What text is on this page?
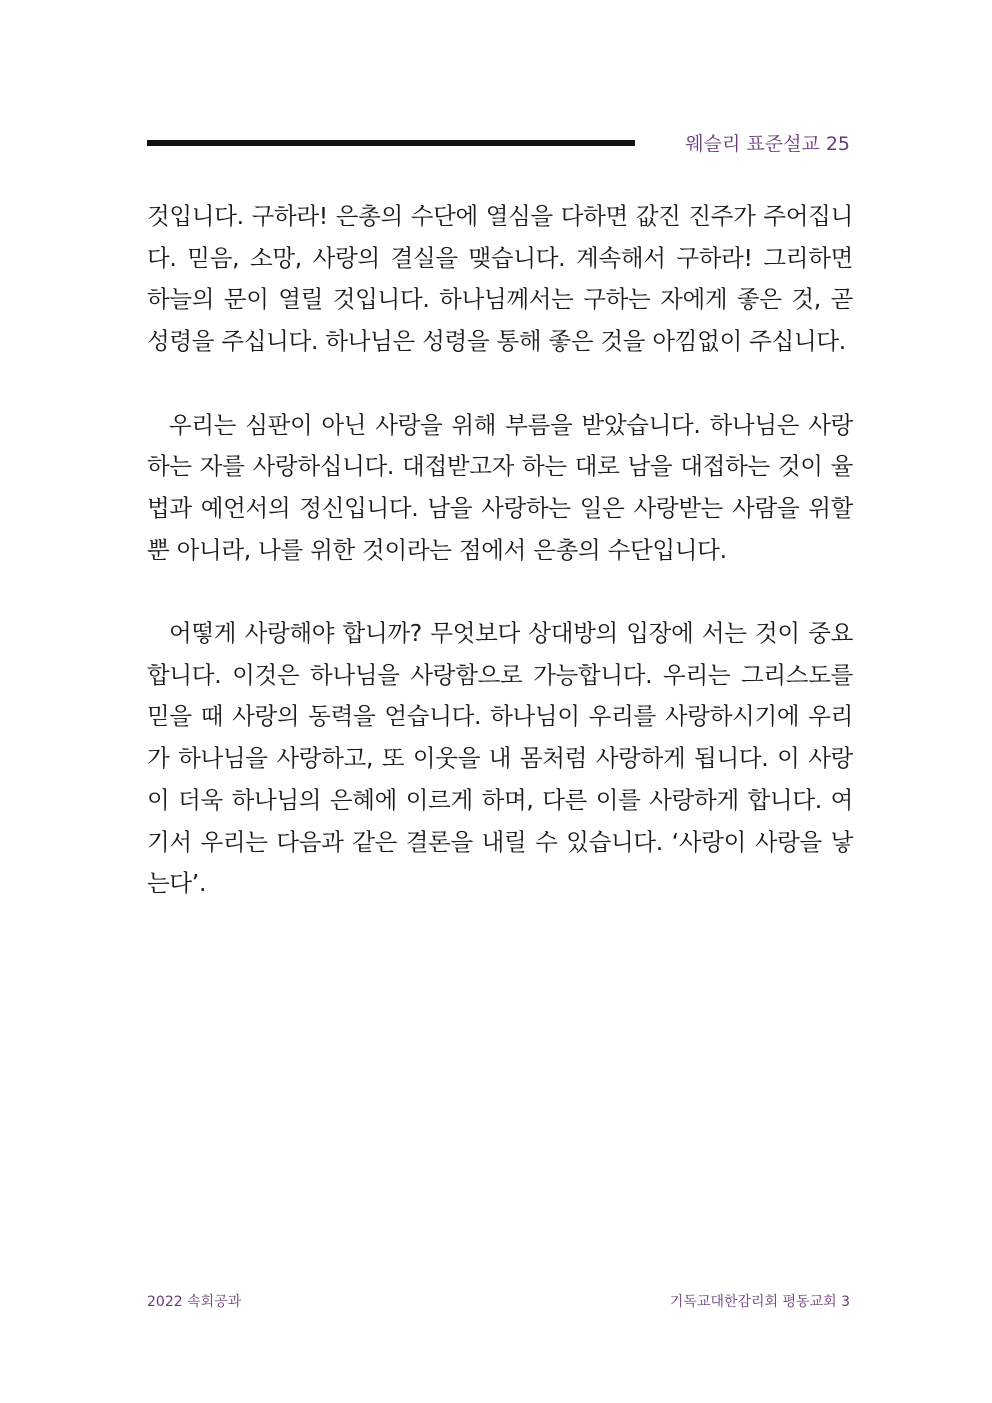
웨슬리 표준설교 25

것입니다. 구하라! 은총의 수단에 열심을 다하면 값진 진주가 주어집니다. 믿음, 소망, 사랑의 결실을 맺습니다. 계속해서 구하라! 그리하면 하늘의 문이 열릴 것입니다. 하나님께서는 구하는 자에게 좋은 것, 곧 성령을 주십니다. 하나님은 성령을 통해 좋은 것을 아낌없이 주십니다.

우리는 심판이 아닌 사랑을 위해 부름을 받았습니다. 하나님은 사랑하는 자를 사랑하십니다. 대접받고자 하는 대로 남을 대접하는 것이 율법과 예언서의 정신입니다. 남을 사랑하는 일은 사랑받는 사람을 위할 뿐 아니라, 나를 위한 것이라는 점에서 은총의 수단입니다.

어떻게 사랑해야 합니까? 무엇보다 상대방의 입장에 서는 것이 중요합니다. 이것은 하나님을 사랑함으로 가능합니다. 우리는 그리스도를 믿을 때 사랑의 동력을 얻습니다. 하나님이 우리를 사랑하시기에 우리가 하나님을 사랑하고, 또 이웃을 내 몸처럼 사랑하게 됩니다. 이 사랑이 더욱 하나님의 은혜에 이르게 하며, 다른 이를 사랑하게 합니다. 여기서 우리는 다음과 같은 결론을 내릴 수 있습니다. ‘사랑이 사랑을 낳는다’.

2022 속회공과	기독교대한감리회 평동교회 3
